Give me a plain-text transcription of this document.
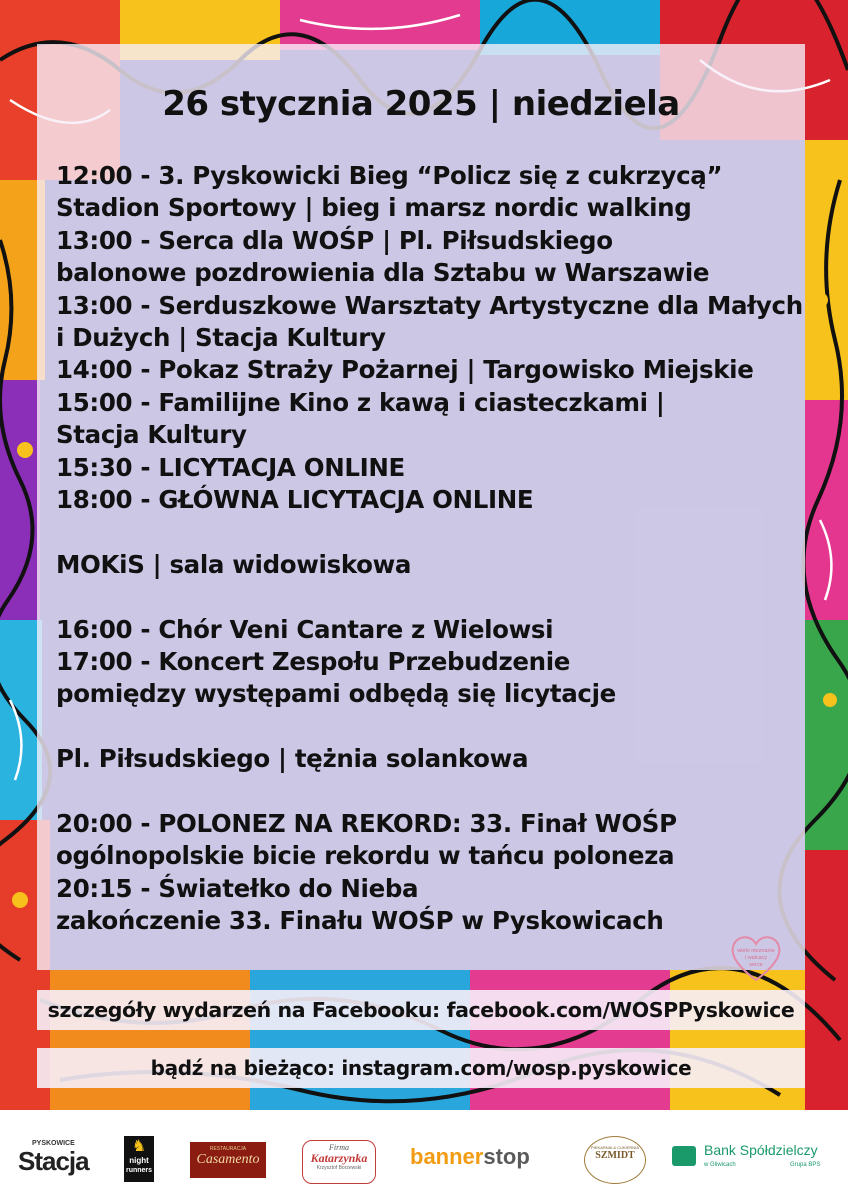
wielo nieznanie
i walcacy
serce
26 stycznia 2025 | niedziela
12:00 - 3. Pyskowicki Bieg “Policz się z cukrzycą”
Stadion Sportowy | bieg i marsz nordic walking
13:00 - Serca dla WOŚP | Pl. Piłsudskiego
balonowe pozdrowienia dla Sztabu w Warszawie
13:00 - Serduszkowe Warsztaty Artystyczne dla Małych
i Dużych | Stacja Kultury
14:00 - Pokaz Straży Pożarnej | Targowisko Miejskie
15:00 - Familijne Kino z kawą i ciasteczkami |
Stacja Kultury
15:30 - LICYTACJA ONLINE
18:00 - GŁÓWNA LICYTACJA ONLINE
MOKiS | sala widowiskowa
16:00 - Chór Veni Cantare z Wielowsi
17:00 - Koncert Zespołu Przebudzenie
pomiędzy występami odbędą się licytacje
Pl. Piłsudskiego | tężnia solankowa
20:00 - POLONEZ NA REKORD: 33. Finał WOŚP
ogólnopolskie bicie rekordu w tańcu poloneza
20:15 - Światełko do Nieba
zakończenie 33. Finału WOŚP w Pyskowicach
szczegóły wydarzeń na Facebooku: facebook.com/WOSPPyskowice
bądź na bieżąco: instagram.com/wosp.pyskowice
PYSKOWICE
Stacja
♞
night
runners
RESTAURACJA
Casamento
Firma
Katarzynka
Krzysztof Borzewski	bannerstop	PIEKARNIA & CUKIERNIA
SZMIDT	Bank Spółdzielczy
w Gliwicach	Grupa BPS
